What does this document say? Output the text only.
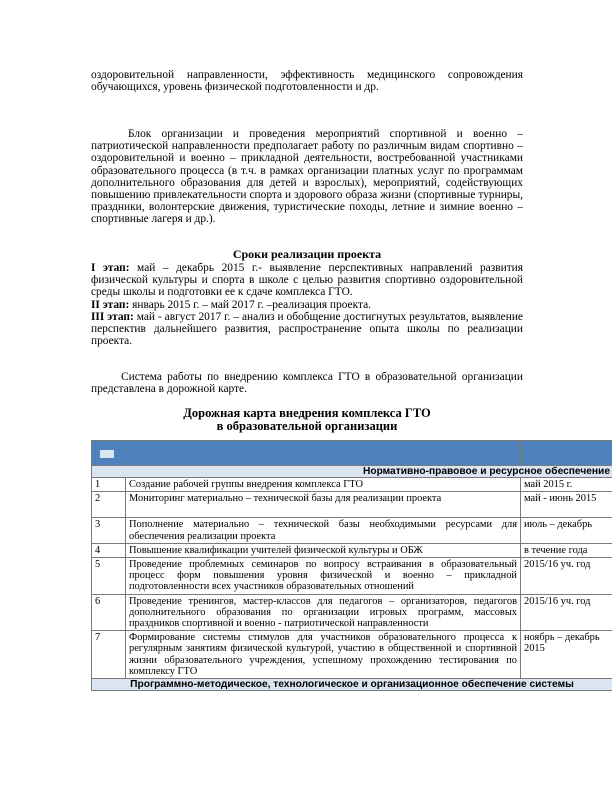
оздоровительной направленности, эффективность медицинского сопровождения обучающихся, уровень физической подготовленности и др.

Блок организации и проведения мероприятий спортивной и военно – патриотической направленности предполагает работу по различным видам спортивно – оздоровительной и военно – прикладной деятельности, востребованной участниками образовательного процесса (в т.ч. в рамках организации платных услуг по программам дополнительного образования для детей и взрослых), мероприятий, содействующих повышению привлекательности спорта и здорового образа жизни (спортивные турниры, праздники, волонтерские движения, туристические походы, летние и зимние военно – спортивные лагеря и др.).

Сроки реализации проекта
I этап: май – декабрь 2015 г.- выявление перспективных направлений развития физической культуры и спорта в школе с целью развития спортивно оздоровительной среды школы и подготовки ее к сдаче комплекса ГТО.
II этап: январь 2015 г. – май 2017 г. –реализация проекта.
III этап: май - август 2017 г. – анализ и обобщение достигнутых результатов, выявление перспектив дальнейшего развития, распространение опыта школы по реализации проекта.

Система работы по внедрению комплекса ГТО в образовательной организации представлена в дорожной карте.

Дорожная карта внедрения комплекса ГТО
в образовательной организации

Нормативно-правовое и ресурсное обеспечение		
1	Создание рабочей группы внедрения комплекса ГТО	май 2015 г.
2	Мониторинг материально – технической базы для реализации проекта	май - июнь 2015
3	Пополнение материально – технической базы необходимыми ресурсами для обеспечения реализации проекта	июль – декабрь
4	Повышение квалификации учителей физической культуры и ОБЖ	в течение года
5	Проведение проблемных семинаров по вопросу встраивания в образовательный процесс форм повышения уровня физической и военно – прикладной подготовленности всех участников образовательных отношений	2015/16 уч. год
6	Проведение тренингов, мастер-классов для педагогов – организаторов, педагогов дополнительного образования по организации игровых программ, массовых праздников спортивной и военно - патриотической направленности	2015/16 уч. год
7	Формирование системы стимулов для участников образовательного процесса к регулярным занятиям физической культурой, участию в общественной и спортивной жизни образовательного учреждения, успешному прохождению тестирования по комплексу ГТО	ноябрь – декабрь 2015
Программно-методическое, технологическое и организационное обеспечение системы		
